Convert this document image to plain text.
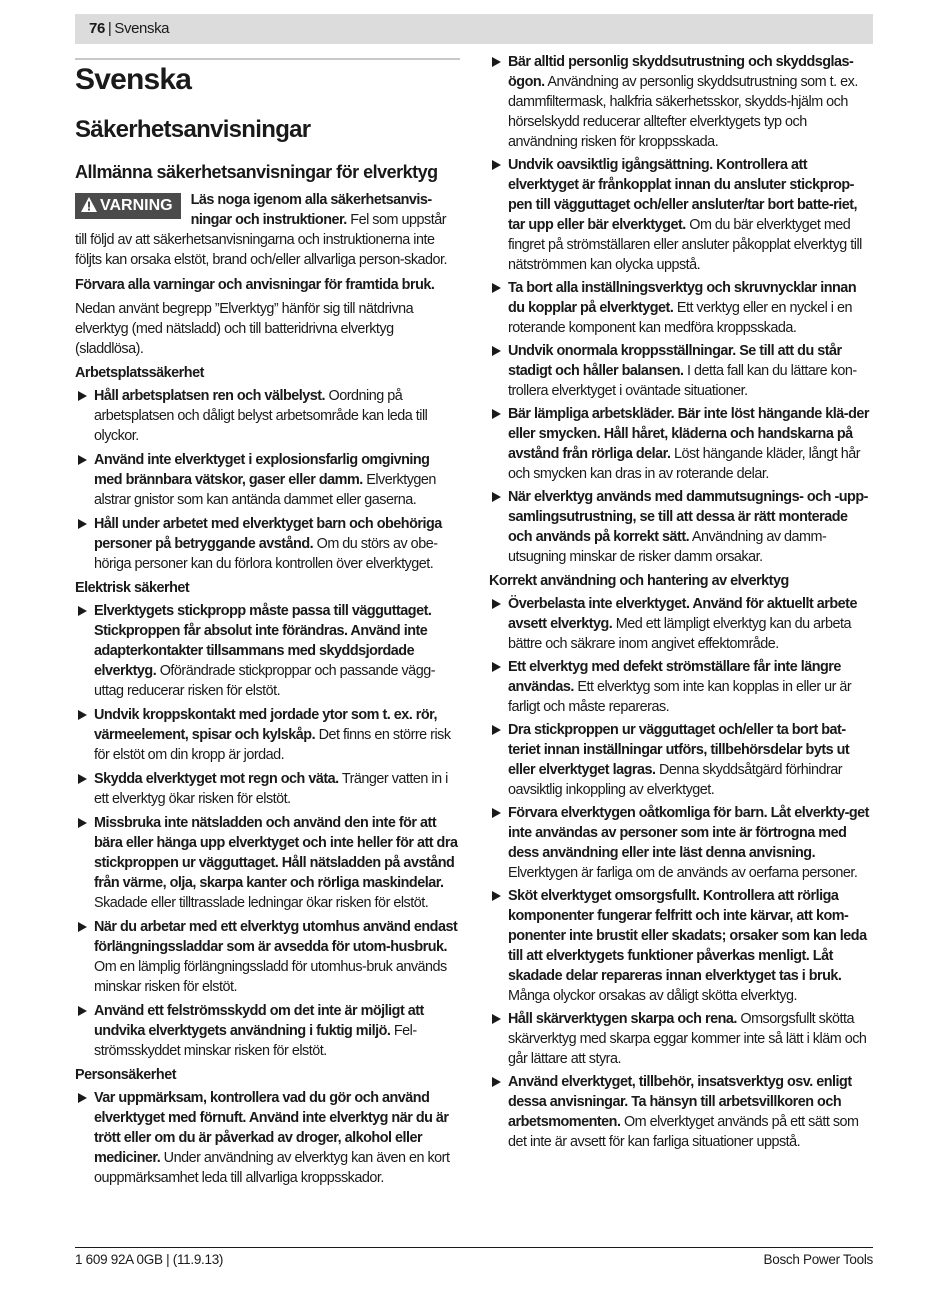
76 | Svenska
Svenska
Säkerhetsanvisningar
Allmänna säkerhetsanvisningar för elverktyg
VARNING	Läs noga igenom alla säkerhetsanvis-ningar och instruktioner. Fel som uppstår till följd av att säkerhetsanvisningarna och instruktionerna inte följts kan orsaka elstöt, brand och/eller allvarliga person-skador.

Förvara alla varningar och anvisningar för framtida bruk.

Nedan använt begrepp ”Elverktyg” hänför sig till nätdrivna elverktyg (med nätsladd) och till batteridrivna elverktyg (sladdlösa).

Arbetsplatssäkerhet

Håll arbetsplatsen ren och välbelyst. Oordning på arbetsplatsen och dåligt belyst arbetsområde kan leda till olyckor.
Använd inte elverktyget i explosionsfarlig omgivning med brännbara vätskor, gaser eller damm. Elverktygen alstrar gnistor som kan antända dammet eller gaserna.
Håll under arbetet med elverktyget barn och obehöriga personer på betryggande avstånd. Om du störs av obe-höriga personer kan du förlora kontrollen över elverktyget.

Elektrisk säkerhet

Elverktygets stickpropp måste passa till vägguttaget. Stickproppen får absolut inte förändras. Använd inte adapterkontakter tillsammans med skyddsjordade elverktyg. Oförändrade stickproppar och passande vägg-uttag reducerar risken för elstöt.
Undvik kroppskontakt med jordade ytor som t. ex. rör, värmeelement, spisar och kylskåp. Det finns en större risk för elstöt om din kropp är jordad.
Skydda elverktyget mot regn och väta. Tränger vatten in i ett elverktyg ökar risken för elstöt.
Missbruka inte nätsladden och använd den inte för att bära eller hänga upp elverktyget och inte heller för att dra stickproppen ur vägguttaget. Håll nätsladden på avstånd från värme, olja, skarpa kanter och rörliga maskindelar. Skadade eller tilltrasslade ledningar ökar risken för elstöt.
När du arbetar med ett elverktyg utomhus använd endast förlängningssladdar som är avsedda för utom-husbruk. Om en lämplig förlängningssladd för utomhus-bruk används minskar risken för elstöt.
Använd ett felströmsskydd om det inte är möjligt att undvika elverktygets användning i fuktig miljö. Fel-strömsskyddet minskar risken för elstöt.

Personsäkerhet

Var uppmärksam, kontrollera vad du gör och använd elverktyget med förnuft. Använd inte elverktyg när du är trött eller om du är påverkad av droger, alkohol eller mediciner. Under användning av elverktyg kan även en kort ouppmärksamhet leda till allvarliga kroppsskador.
Bär alltid personlig skyddsutrustning och skyddsglas-ögon. Användning av personlig skyddsutrustning som t. ex. dammfiltermask, halkfria säkerhetsskor, skydds-hjälm och hörselskydd reducerar alltefter elverktygets typ och användning risken för kroppsskada.
Undvik oavsiktlig igångsättning. Kontrollera att elverktyget är frånkopplat innan du ansluter stickprop-pen till vägguttaget och/eller ansluter/tar bort batte-riet, tar upp eller bär elverktyget. Om du bär elverktyget med fingret på strömställaren eller ansluter påkopplat elverktyg till nätströmmen kan olycka uppstå.
Ta bort alla inställningsverktyg och skruvnycklar innan du kopplar på elverktyget. Ett verktyg eller en nyckel i en roterande komponent kan medföra kroppsskada.
Undvik onormala kroppsställningar. Se till att du står stadigt och håller balansen. I detta fall kan du lättare kon-trollera elverktyget i oväntade situationer.
Bär lämpliga arbetskläder. Bär inte löst hängande klä-der eller smycken. Håll håret, kläderna och handskarna på avstånd från rörliga delar. Löst hängande kläder, långt hår och smycken kan dras in av roterande delar.
När elverktyg används med dammutsugnings- och -upp-samlingsutrustning, se till att dessa är rätt monterade och används på korrekt sätt. Användning av damm-utsugning minskar de risker damm orsakar.

Korrekt användning och hantering av elverktyg

Överbelasta inte elverktyget. Använd för aktuellt arbete avsett elverktyg. Med ett lämpligt elverktyg kan du arbeta bättre och säkrare inom angivet effektområde.
Ett elverktyg med defekt strömställare får inte längre användas. Ett elverktyg som inte kan kopplas in eller ur är farligt och måste repareras.
Dra stickproppen ur vägguttaget och/eller ta bort bat-teriet innan inställningar utförs, tillbehörsdelar byts ut eller elverktyget lagras. Denna skyddsåtgärd förhindrar oavsiktlig inkoppling av elverktyget.
Förvara elverktygen oåtkomliga för barn. Låt elverkty-get inte användas av personer som inte är förtrogna med dess användning eller inte läst denna anvisning. Elverktygen är farliga om de används av oerfarna personer.
Sköt elverktyget omsorgsfullt. Kontrollera att rörliga komponenter fungerar felfritt och inte kärvar, att kom-ponenter inte brustit eller skadats; orsaker som kan leda till att elverktygets funktioner påverkas menligt. Låt skadade delar repareras innan elverktyget tas i bruk. Många olyckor orsakas av dåligt skötta elverktyg.
Håll skärverktygen skarpa och rena. Omsorgsfullt skötta skärverktyg med skarpa eggar kommer inte så lätt i kläm och går lättare att styra.
Använd elverktyget, tillbehör, insatsverktyg osv. enligt dessa anvisningar. Ta hänsyn till arbetsvillkoren och arbetsmomenten. Om elverktyget används på ett sätt som det inte är avsett för kan farliga situationer uppstå.
1 609 92A 0GB | (11.9.13)	Bosch Power Tools
